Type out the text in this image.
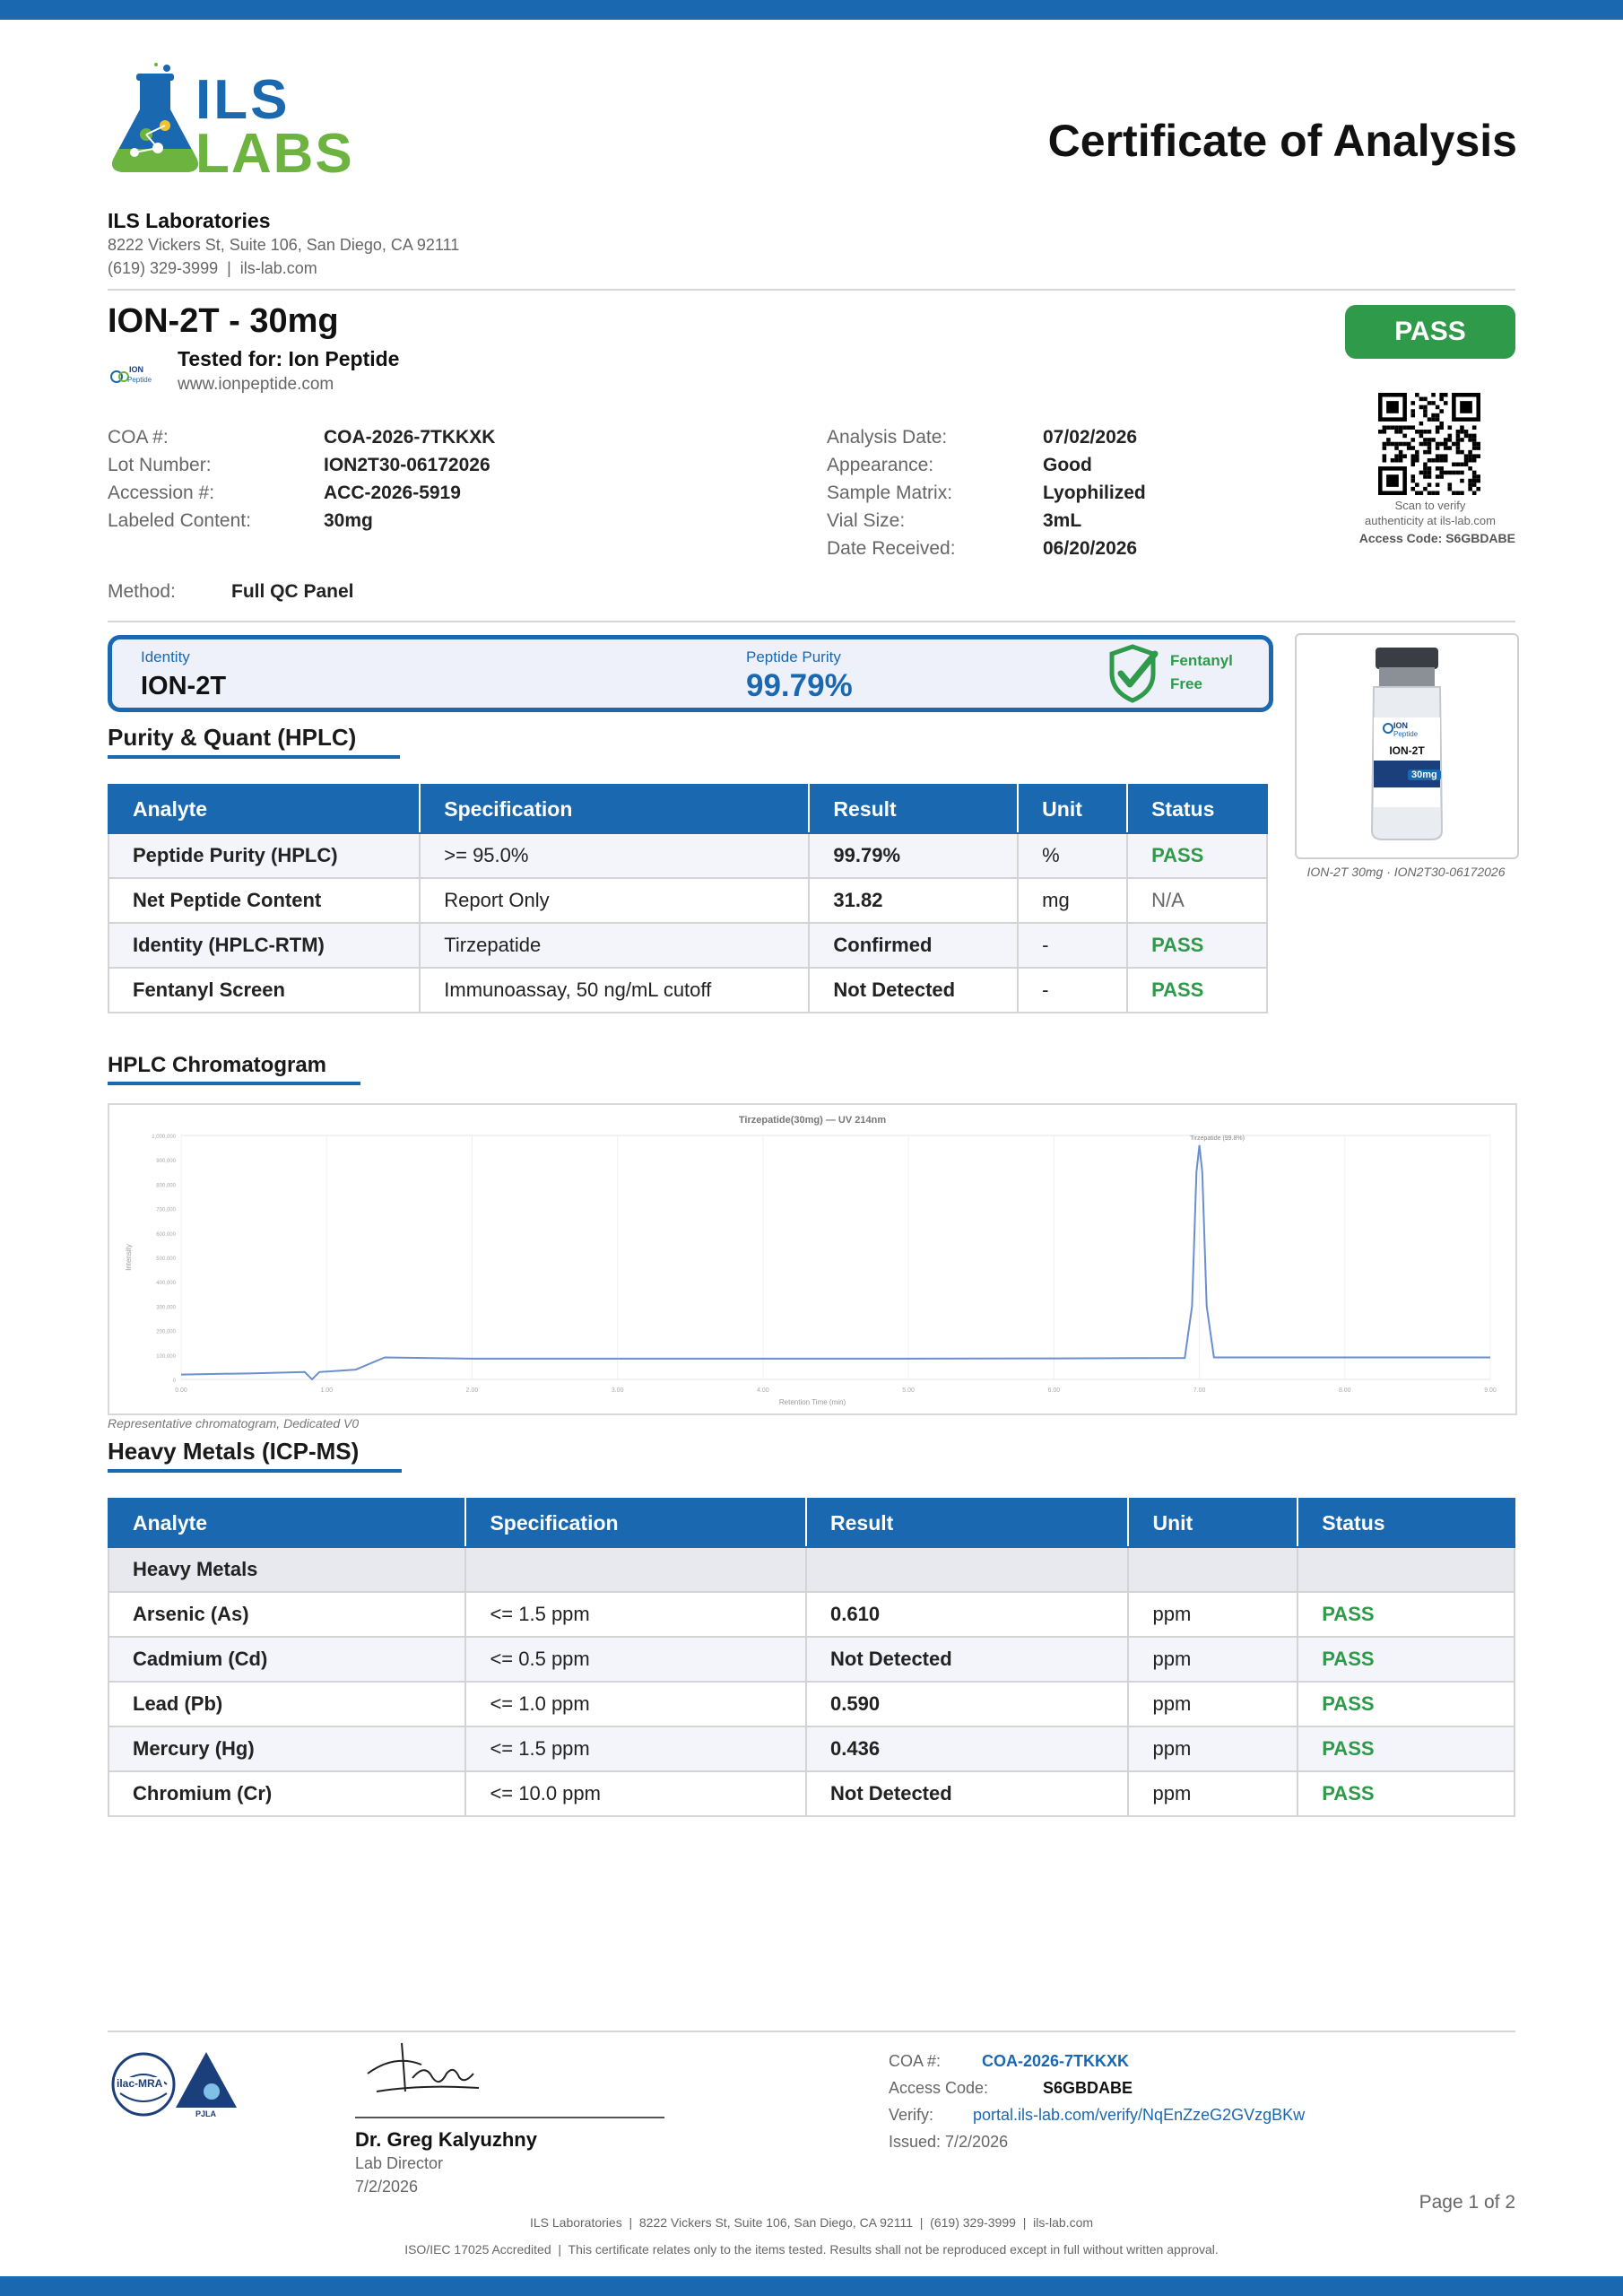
ILS
LABS	Certificate of Analysis
ILS Laboratories
8222 Vickers St, Suite 106, San Diego, CA 92111
(619) 329-3999  |  ils-lab.com
ION-2T - 30mg
ION
Peptide
Tested for: Ion Peptide
www.ionpeptide.com
PASS
COA #:	COA-2026-7TKKXK
Lot Number:	ION2T30-06172026
Accession #:	ACC-2026-5919
Labeled Content:	30mg
Analysis Date:	07/02/2026
Appearance:	Good
Sample Matrix:	Lyophilized
Vial Size:	3mL
Date Received:	06/20/2026
Scan to verify
authenticity at ils-lab.com
Access Code: S6GBDABE
Method:	Full QC Panel
Identity
ION-2T
Peptide Purity
99.79%
Fentanyl
Free
ION
Peptide
ION-2T
30mg
ION-2T 30mg · ION2T30-06172026
Purity & Quant (HPLC)
Analyte	Specification	Result	Unit	Status
Peptide Purity (HPLC)	>= 95.0%	99.79%	%	PASS
Net Peptide Content	Report Only	31.82	mg	N/A
Identity (HPLC-RTM)	Tirzepatide	Confirmed	-	PASS
Fentanyl Screen	Immunoassay, 50 ng/mL cutoff	Not Detected	-	PASS
HPLC Chromatogram
Tirzepatide(30mg) — UV 214nm
Retention Time (min)
Intensity
0.00	1.00	2.00	3.00	4.00	5.00	6.00	7.00	8.00	9.00
0
100,000
200,000
300,000
400,000
500,000
600,000
700,000
800,000
900,000
1,000,000	Tirzepatide (99.8%)
Representative chromatogram, Dedicated V0
Heavy Metals (ICP-MS)
Analyte	Specification	Result	Unit	Status
Heavy Metals				
Arsenic (As)	<= 1.5 ppm	0.610	ppm	PASS
Cadmium (Cd)	<= 0.5 ppm	Not Detected	ppm	PASS
Lead (Pb)	<= 1.0 ppm	0.590	ppm	PASS
Mercury (Hg)	<= 1.5 ppm	0.436	ppm	PASS
Chromium (Cr)	<= 10.0 ppm	Not Detected	ppm	PASS
ilac-MRA
PJLA
Dr. Greg Kalyuzhny
Lab Director
7/2/2026
COA #:	COA-2026-7TKKXK
Access Code:	S6GBDABE
Verify: portal.ils-lab.com/verify/NqEnZzeG2GVzgBKw
Issued: 7/2/2026
Page 1 of 2
ILS Laboratories  |  8222 Vickers St, Suite 106, San Diego, CA 92111  |  (619) 329-3999  |  ils-lab.com
ISO/IEC 17025 Accredited  |  This certificate relates only to the items tested. Results shall not be reproduced except in full without written approval.
